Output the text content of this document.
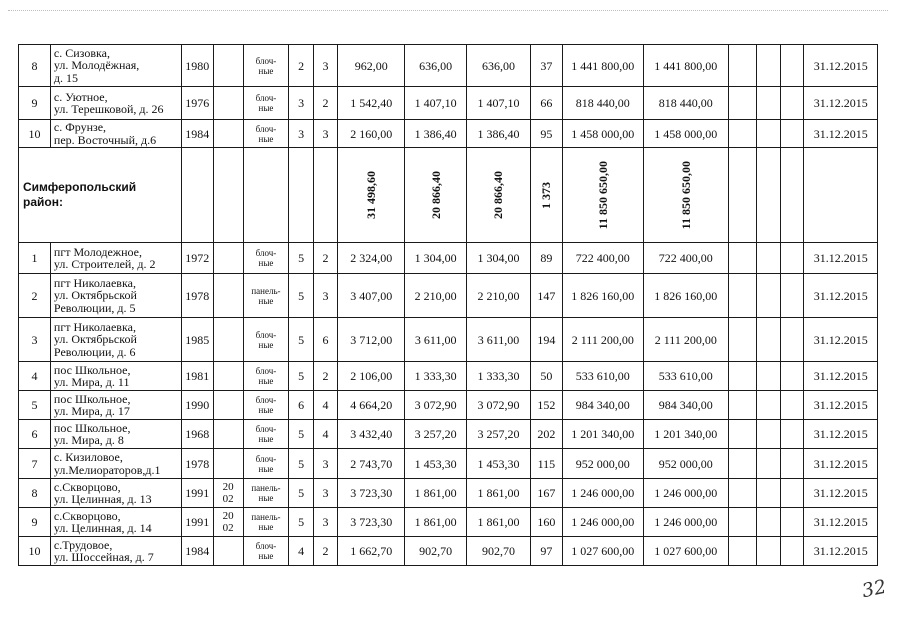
8	с. Сизовка,
ул. Молодёжная,
д. 15	1980		блоч-
ные	2	3	962,00	636,00	636,00	37	1 441 800,00	1 441 800,00				31.12.2015
9	с. Уютное,
ул. Терешковой, д. 26	1976		блоч-
ные	3	2	1 542,40	1 407,10	1 407,10	66	818 440,00	818 440,00				31.12.2015
10	с. Фрунзе,
пер. Восточный, д.6	1984		блоч-
ные	3	3	2 160,00	1 386,40	1 386,40	95	1 458 000,00	1 458 000,00				31.12.2015
Симферопольский
район:							31 498,60	20 866,40	20 866,40	1 373	11 850 650,00	11 850 650,00				

1	пгт Молодежное,
ул. Строителей, д. 2	1972		блоч-
ные	5	2	2 324,00	1 304,00	1 304,00	89	722 400,00	722 400,00				31.12.2015
2	пгт Николаевка,
ул. Октябрьской
Революции, д. 5	1978		панель-
ные	5	3	3 407,00	2 210,00	2 210,00	147	1 826 160,00	1 826 160,00				31.12.2015
3	пгт Николаевка,
ул. Октябрьской
Революции, д. 6	1985		блоч-
ные	5	6	3 712,00	3 611,00	3 611,00	194	2 111 200,00	2 111 200,00				31.12.2015
4	пос Школьное,
ул. Мира, д. 11	1981		блоч-
ные	5	2	2 106,00	1 333,30	1 333,30	50	533 610,00	533 610,00				31.12.2015
5	пос Школьное,
ул. Мира, д. 17	1990		блоч-
ные	6	4	4 664,20	3 072,90	3 072,90	152	984 340,00	984 340,00				31.12.2015
6	пос Школьное,
ул. Мира, д. 8	1968		блоч-
ные	5	4	3 432,40	3 257,20	3 257,20	202	1 201 340,00	1 201 340,00				31.12.2015
7	с. Кизиловое,
ул.Мелиораторов,д.1	1978		блоч-
ные	5	3	2 743,70	1 453,30	1 453,30	115	952 000,00	952 000,00				31.12.2015
8	с.Скворцово,
ул. Целинная, д. 13	1991	20
02	панель-
ные	5	3	3 723,30	1 861,00	1 861,00	167	1 246 000,00	1 246 000,00				31.12.2015
9	с.Скворцово,
ул. Целинная, д. 14	1991	20
02	панель-
ные	5	3	3 723,30	1 861,00	1 861,00	160	1 246 000,00	1 246 000,00				31.12.2015
10	с.Трудовое,
ул. Шоссейная, д. 7	1984		блоч-
ные	4	2	1 662,70	902,70	902,70	97	1 027 600,00	1 027 600,00				31.12.2015
32
